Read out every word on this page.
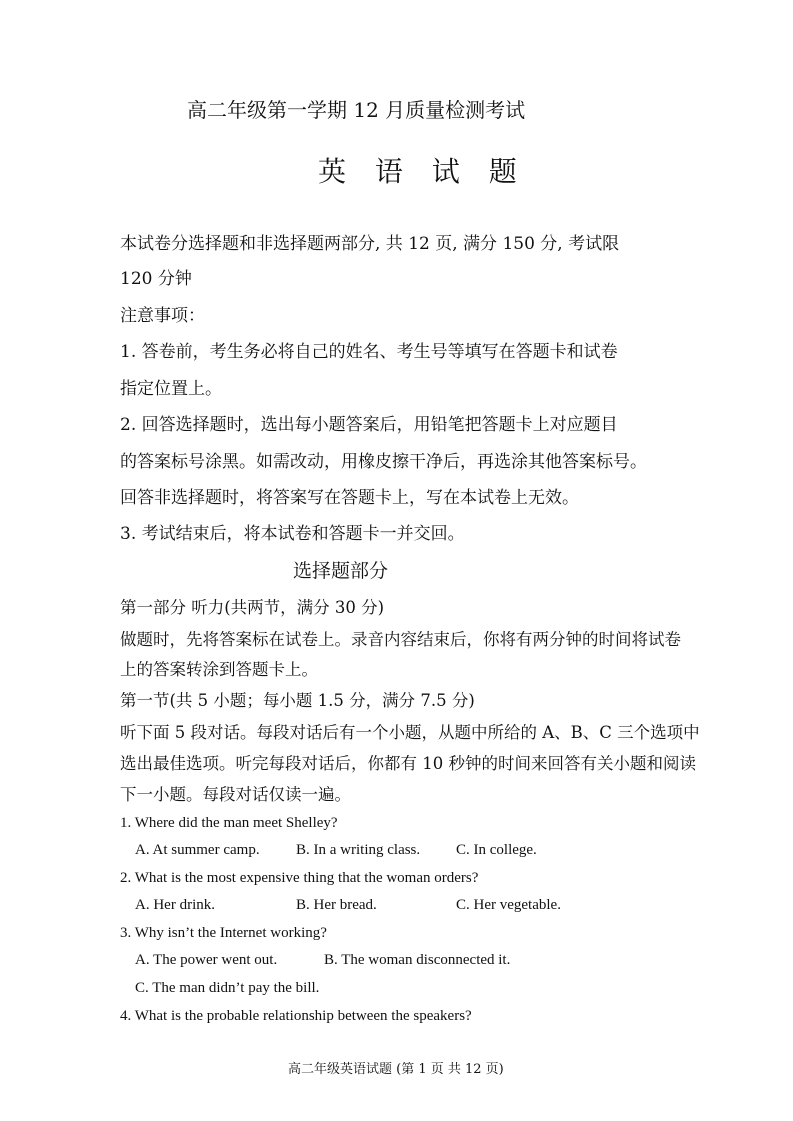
高二年级第一学期 12 月质量检测考试
英 语 试 题
本试卷分选择题和非选择题两部分, 共 12 页, 满分 150 分, 考试限
120 分钟
注意事项：
1. 答卷前，考生务必将自己的姓名、考生号等填写在答题卡和试卷
指定位置上。
2. 回答选择题时，选出每小题答案后，用铅笔把答题卡上对应题目
的答案标号涂黑。如需改动，用橡皮擦干净后，再选涂其他答案标号。
回答非选择题时，将答案写在答题卡上，写在本试卷上无效。
3. 考试结束后，将本试卷和答题卡一并交回。
选择题部分
第一部分 听力(共两节，满分 30 分)
做题时，先将答案标在试卷上。录音内容结束后，你将有两分钟的时间将试卷
上的答案转涂到答题卡上。
第一节(共 5 小题；每小题 1.5 分，满分 7.5 分)
听下面 5 段对话。每段对话后有一个小题，从题中所给的 A、B、C 三个选项中
选出最佳选项。听完每段对话后，你都有 10 秒钟的时间来回答有关小题和阅读
下一小题。每段对话仅读一遍。
1. Where did the man meet Shelley?
A. At summer camp. B. In a writing class. C. In college.
2. What is the most expensive thing that the woman orders?
A. Her drink.	B. Her bread.	C. Her vegetable.
3. Why isn’t the Internet working?
A. The power went out.	B. The woman disconnected it.
C. The man didn’t pay the bill.
4. What is the probable relationship between the speakers?
高二年级英语试题 (第 1 页 共 12 页)
